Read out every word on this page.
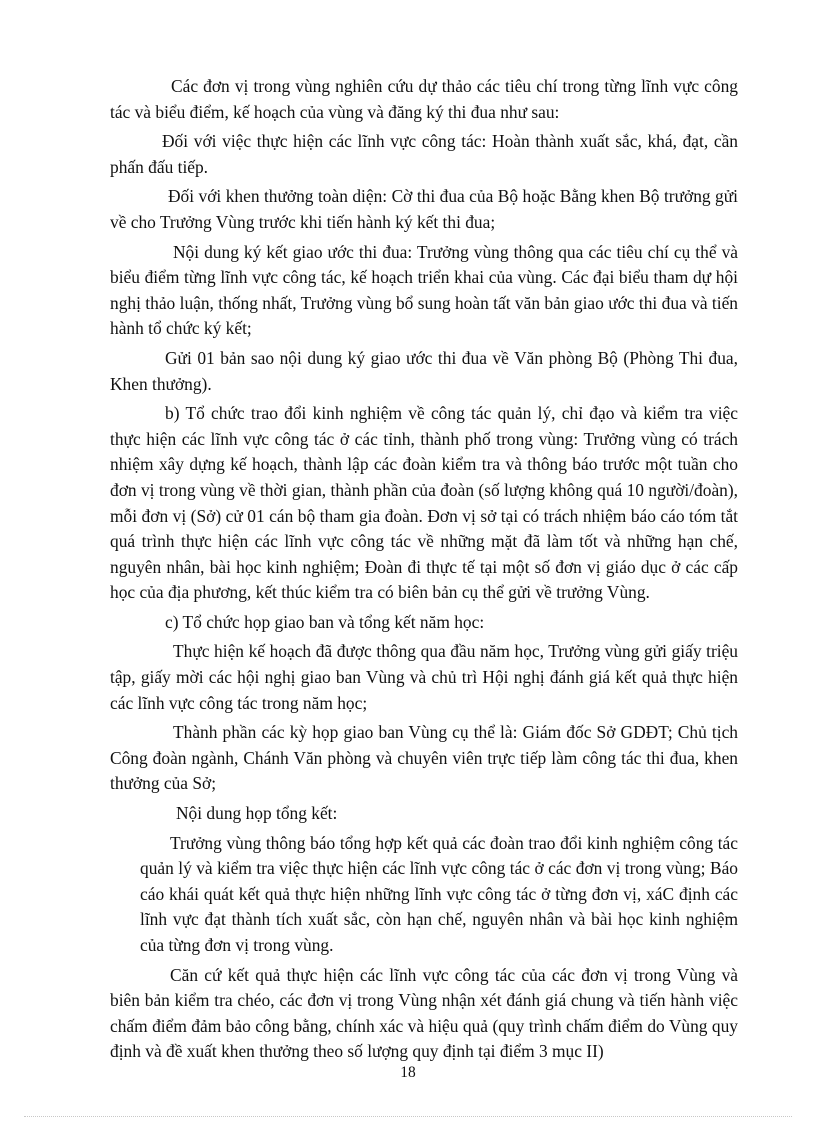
Các đơn vị trong vùng nghiên cứu dự thảo các tiêu chí trong từng lĩnh vực công tác và biểu điểm, kế hoạch của vùng và đăng ký thi đua như sau:

Đối với việc thực hiện các lĩnh vực công tác: Hoàn thành xuất sắc, khá, đạt, cần phấn đấu tiếp.

Đối với khen thưởng toàn diện: Cờ thi đua của Bộ hoặc Bằng khen Bộ trưởng gửi về cho Trưởng Vùng trước khi tiến hành ký kết thi đua;

Nội dung ký kết giao ước thi đua: Trưởng vùng thông qua các tiêu chí cụ thể và biểu điểm từng lĩnh vực công tác, kế hoạch triển khai của vùng. Các đại biểu tham dự hội nghị thảo luận, thống nhất, Trưởng vùng bổ sung hoàn tất văn bản giao ước thi đua và tiến hành tổ chức ký kết;

Gửi 01 bản sao nội dung ký giao ước thi đua về Văn phòng Bộ (Phòng Thi đua, Khen thưởng).

b) Tổ chức trao đổi kinh nghiệm về công tác quản lý, chỉ đạo và kiểm tra việc thực hiện các lĩnh vực công tác ở các tỉnh, thành phố trong vùng: Trưởng vùng có trách nhiệm xây dựng kế hoạch, thành lập các đoàn kiểm tra và thông báo trước một tuần cho đơn vị trong vùng về thời gian, thành phần của đoàn (số lượng không quá 10 người/đoàn), mỗi đơn vị (Sở) cử 01 cán bộ tham gia đoàn. Đơn vị sở tại có trách nhiệm báo cáo tóm tắt quá trình thực hiện các lĩnh vực công tác về những mặt đã làm tốt và những hạn chế, nguyên nhân, bài học kinh nghiệm; Đoàn đi thực tế tại một số đơn vị giáo dục ở các cấp học của địa phương, kết thúc kiểm tra có biên bản cụ thể gửi về trưởng Vùng.

c) Tổ chức họp giao ban và tổng kết năm học:

Thực hiện kế hoạch đã được thông qua đầu năm học, Trưởng vùng gửi giấy triệu tập, giấy mời các hội nghị giao ban Vùng và chủ trì Hội nghị đánh giá kết quả thực hiện các lĩnh vực công tác trong năm học;

Thành phần các kỳ họp giao ban Vùng cụ thể là: Giám đốc Sở GDĐT; Chủ tịch Công đoàn ngành, Chánh Văn phòng và chuyên viên trực tiếp làm công tác thi đua, khen thưởng của Sở;

Nội dung họp tổng kết:

Trưởng vùng thông báo tổng hợp kết quả các đoàn trao đổi kinh nghiệm công tác quản lý và kiểm tra việc thực hiện các lĩnh vực công tác ở các đơn vị trong vùng; Báo cáo khái quát kết quả thực hiện những lĩnh vực công tác ở từng đơn vị, xáC định các lĩnh vực đạt thành tích xuất sắc, còn hạn chế, nguyên nhân và bài học kinh nghiệm của từng đơn vị trong vùng.

Căn cứ kết quả thực hiện các lĩnh vực công tác của các đơn vị trong Vùng và biên bản kiểm tra chéo, các đơn vị trong Vùng nhận xét đánh giá chung và tiến hành việc chấm điểm đảm bảo công bằng, chính xác và hiệu quả (quy trình chấm điểm do Vùng quy định và đề xuất khen thưởng theo số lượng quy định tại điểm 3 mục II)

18
